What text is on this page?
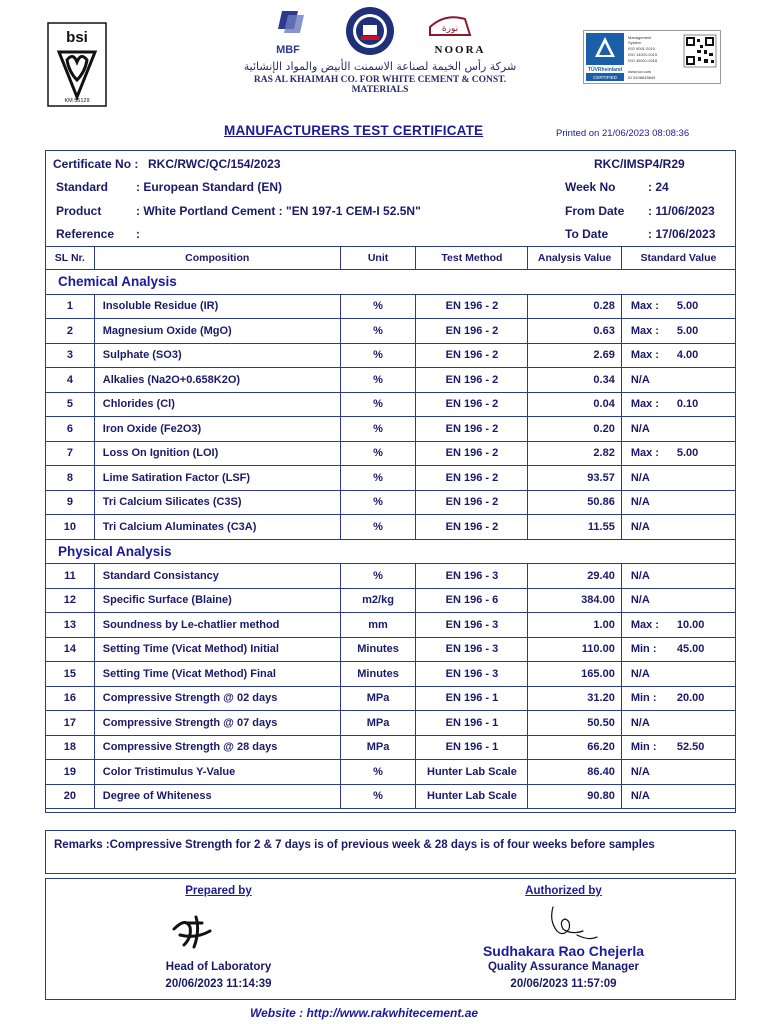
bsi
KM 55129
MBF
نورة
NOORA
شركة رأس الخيمة لصناعة الاسمنت الأبيض والمواد الإنشائية
RAS AL KHAIMAH CO. FOR WHITE CEMENT & CONST. MATERIALS
TÜVRheinland
CERTIFIED
Management
System
ISO 9001:2015
ISO 14001:2015
ISO 45001:2018
www.tuv.com
ID 9108645849
MANUFACTURERS TEST CERTIFICATE	Printed on 21/06/2023 08:08:36
Certificate No : RKC/RWC/QC/154/2023	RKC/IMSP4/R29
Standard : European Standard (EN)	Week No	: 24
Product	: White Portland Cement : "EN 197-1 CEM-I 52.5N"	From Date : 11/06/2023
Reference :	To Date	: 17/06/2023
SL Nr.	Composition	Unit	Test Method	Analysis Value	Standard Value
Chemical Analysis					
1	Insoluble Residue (IR)	%	EN 196 - 2	0.28	Max : 5.00
2	Magnesium Oxide (MgO)	%	EN 196 - 2	0.63	Max : 5.00
3	Sulphate (SO3)	%	EN 196 - 2	2.69	Max : 4.00
4	Alkalies (Na2O+0.658K2O)	%	EN 196 - 2	0.34	N/A
5	Chlorides (Cl)	%	EN 196 - 2	0.04	Max : 0.10
6	Iron Oxide (Fe2O3)	%	EN 196 - 2	0.20	N/A
7	Loss On Ignition (LOI)	%	EN 196 - 2	2.82	Max : 5.00
8	Lime Satiration Factor (LSF)	%	EN 196 - 2	93.57	N/A
9	Tri Calcium Silicates (C3S)	%	EN 196 - 2	50.86	N/A
10	Tri Calcium Aluminates (C3A)	%	EN 196 - 2	11.55	N/A
Physical Analysis					
11	Standard Consistancy	%	EN 196 - 3	29.40	N/A
12	Specific Surface (Blaine)	m2/kg	EN 196 - 6	384.00	N/A
13	Soundness by Le-chatlier method	mm	EN 196 - 3	1.00	Max : 10.00
14	Setting Time (Vicat Method) Initial	Minutes	EN 196 - 3	110.00	Min : 45.00
15	Setting Time (Vicat Method) Final	Minutes	EN 196 - 3	165.00	N/A
16	Compressive Strength @ 02 days	MPa	EN 196 - 1	31.20	Min : 20.00
17	Compressive Strength @ 07 days	MPa	EN 196 - 1	50.50	N/A
18	Compressive Strength @ 28 days	MPa	EN 196 - 1	66.20	Min : 52.50
19	Color Tristimulus Y-Value	%	Hunter Lab Scale	86.40	N/A
20	Degree of Whiteness	%	Hunter Lab Scale	90.80	N/A
Remarks :Compressive Strength for 2 & 7 days is of previous week & 28 days is of four weeks before samples
Prepared by
Head of Laboratory
20/06/2023 11:14:39
Authorized by
Sudhakara Rao Chejerla
Quality Assurance Manager
20/06/2023 11:57:09
Website : http://www.rakwhitecement.ae
